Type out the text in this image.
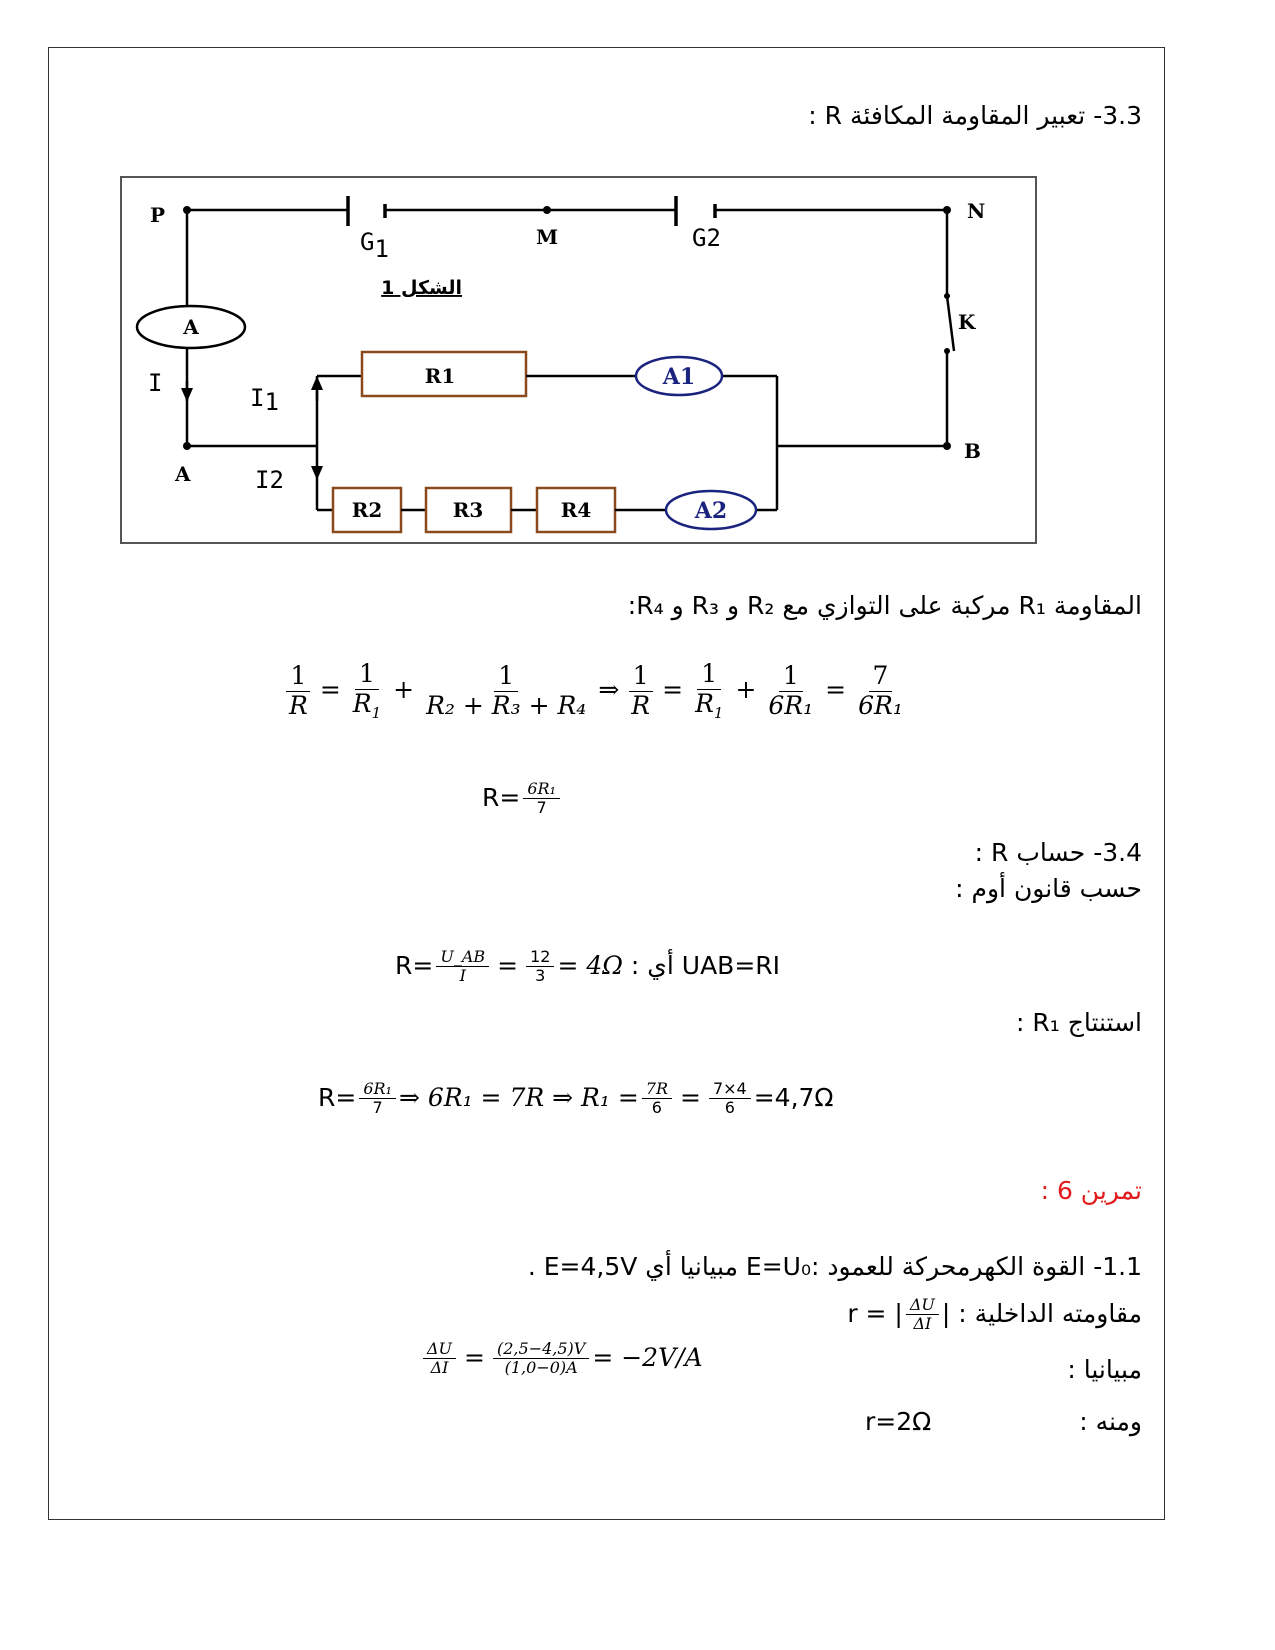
3.3- تعبير المقاومة المكافئة R :
P	N
M
K
A
B
G1	G2
I
I1
I2
الشكل 1
A
R1
R2	R3	R4
A1
A2
المقاومة R₁ مركبة على التوازي مع R₂ و R₃ و R₄:
$\frac{1}{R} = \frac{1}{R_1} + \frac{1}{\text{R₂ + R₃ + R₄}}$ ⇒ $\frac{1}{R} = \frac{1}{R_1} + \frac{1}{\text{6R₁}} = \frac{7}{\text{6R₁}}$
$R= \frac{\text{6R₁}}{7}$
3.4- حساب R :
حسب قانون أوم :
$R= \frac{U\_AB}{I} = \frac{12}{3} = 4\Omega$ : أي UAB=RI
استنتاج R₁ :
$R= \frac{\text{6R₁}}{7}$ ⇒ 6R₁ = 7R ⇒ $R_1 = \frac{7R}{6} = \frac{7\times 4}{6} =4,7\Omega$
تمرين 6 :
1.1- القوة الكهرمحركة للعمود :E=U₀ مبيانيا أي E=4,5V .
مقاومته الداخلية : r = | $\frac{\Delta U}{\Delta I}$ |
مبيانيا :
$\frac{\Delta U}{\Delta I} = \frac{(2,5-4,5)V}{(1,0-0)A} = -2V/A$
ومنه :
r=2Ω
